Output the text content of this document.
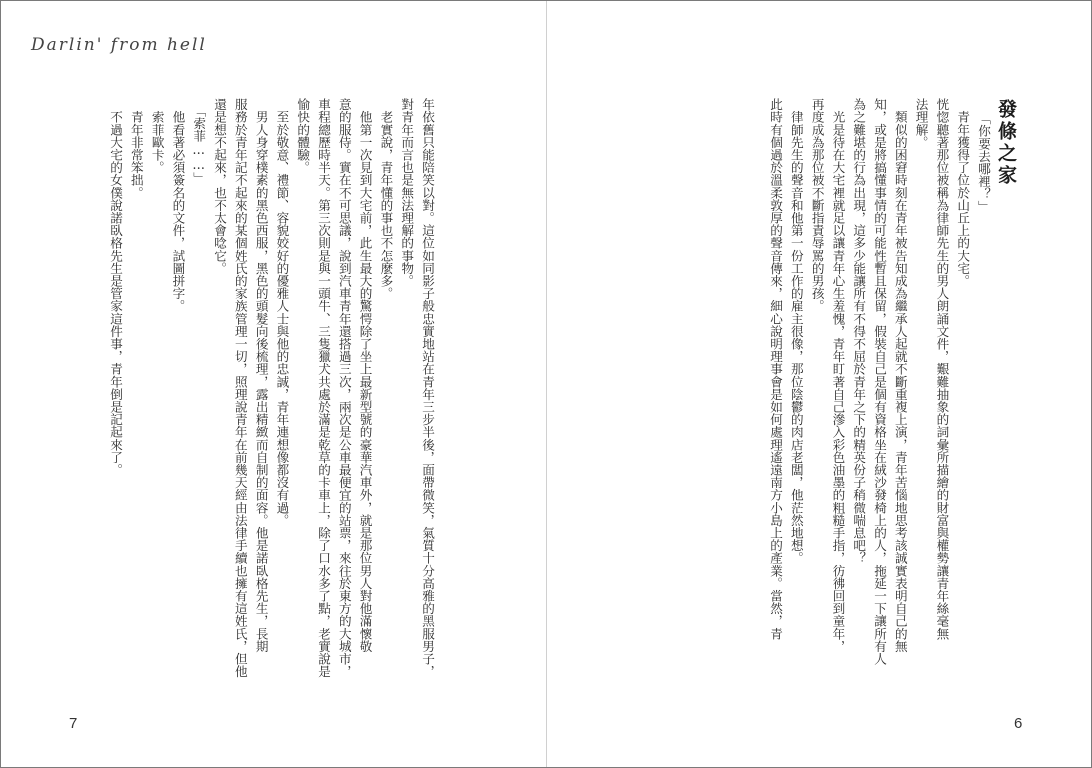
Darlin' from hell
發條之家
「你要去哪裡？」
　青年獲得了位於山丘上的大宅。
恍惚聽著那位被稱為律師先生的男人朗誦文件，艱難抽象的詞彙所描繪的財富與權勢讓青年絲毫無
法理解。
　類似的困窘時刻在青年被告知成為繼承人起就不斷重複上演，青年苦惱地思考該誠實表明自己的無
知，或是將搞懂事情的可能性暫且保留，假裝自己是個有資格坐在絨沙發椅上的人，拖延一下讓所有人
為之難堪的行為出現，這多少能讓所有不得不屈於青年之下的精英份子稍微喘息吧？
　光是待在大宅裡就足以讓青年心生羞愧，青年盯著自己滲入彩色油墨的粗糙手指，彷彿回到童年，
再度成為那位被不斷指責辱罵的男孩。
　律師先生的聲音和他第一份工作的雇主很像，那位陰鬱的肉店老闆，他茫然地想。
此時有個過於溫柔敦厚的聲音傳來，細心說明理事會是如何處理遙遠南方小島上的產業。當然，青
年依舊只能陪笑以對。這位如同影子般忠實地站在青年三步半後，面帶微笑，氣質十分高雅的黑服男子，
對青年而言也是無法理解的事物。
　老實說，青年懂的事也不怎麼多。
　他第一次見到大宅前，此生最大的驚愕除了坐上最新型號的豪華汽車外，就是那位男人對他滿懷敬
意的服侍。實在不可思議，說到汽車青年還搭過三次，兩次是公車最便宜的站票，來往於東方的大城市，
車程總歷時半天。第三次則是與一頭牛、三隻獵犬共處於滿是乾草的卡車上，除了口水多了點，老實說是
愉快的體驗。
　至於敬意、禮節、容貌姣好的優雅人士與他的忠誠，青年連想像都沒有過。
　男人身穿樸素的黑色西服，黑色的頭髮向後梳理，露出精緻而自制的面容。他是諾臥格先生，長期
服務於青年記不起來的某個姓氏的家族管理一切，照理說青年在前幾天經由法律手續也擁有這姓氏，但他
還是想不起來，也不太會唸它。
　「索菲……」
　他看著必須簽名的文件，試圖拼字。
　索菲歐卡。
　青年非常笨拙。
　不過大宅的女僕說諾臥格先生是管家這件事，青年倒是記起來了。
7	6
